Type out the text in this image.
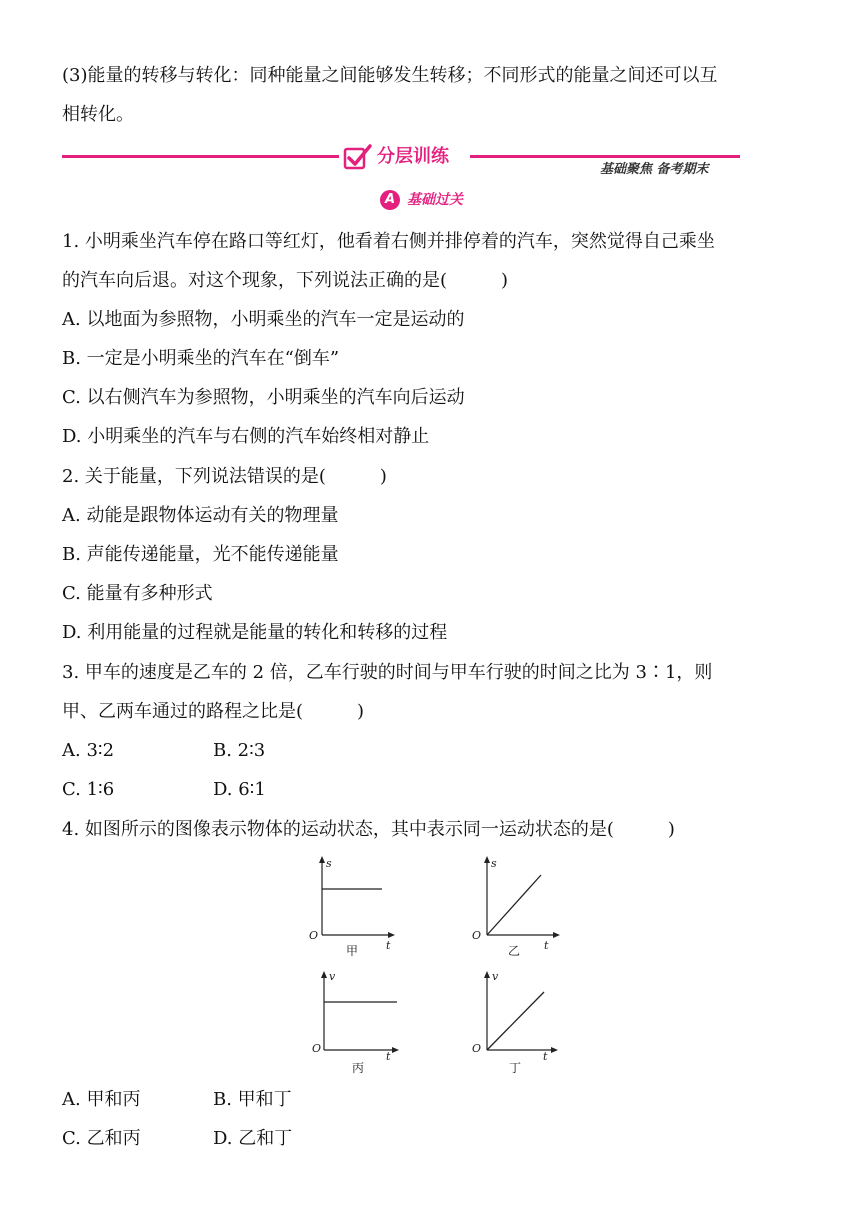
(3)能量的转移与转化：同种能量之间能够发生转移；不同形式的能量之间还可以互
相转化。
分层训练
基础聚焦 备考期末
A 基础过关
1. 小明乘坐汽车停在路口等红灯，他看着右侧并排停着的汽车，突然觉得自己乘坐
的汽车向后退。对这个现象，下列说法正确的是(　　　)
A. 以地面为参照物，小明乘坐的汽车一定是运动的
B. 一定是小明乘坐的汽车在“倒车”
C. 以右侧汽车为参照物，小明乘坐的汽车向后运动
D. 小明乘坐的汽车与右侧的汽车始终相对静止
2. 关于能量，下列说法错误的是(　　　)
A. 动能是跟物体运动有关的物理量
B. 声能传递能量，光不能传递能量
C. 能量有多种形式
D. 利用能量的过程就是能量的转化和转移的过程
3. 甲车的速度是乙车的 2 倍，乙车行驶的时间与甲车行驶的时间之比为 3∶1，则
甲、乙两车通过的路程之比是(　　　)
A. 3∶2	B. 2∶3
C. 1∶6	D. 6∶1
4. 如图所示的图像表示物体的运动状态，其中表示同一运动状态的是(　　　)
s
O
t
甲
s
O
t
乙
v
O
t
丙
v
O
t
丁
A. 甲和丙	B. 甲和丁
C. 乙和丙	D. 乙和丁
